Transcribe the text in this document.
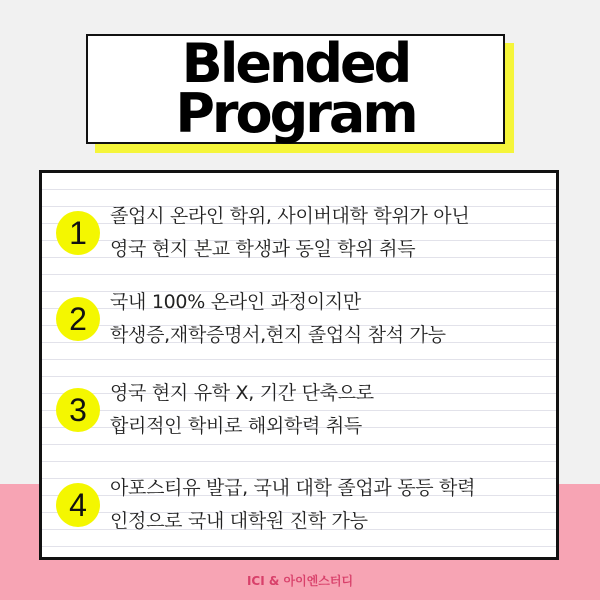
Blended
Program
1	졸업시 온라인 학위, 사이버대학 학위가 아닌
영국 현지 본교 학생과 동일 학위 취득
2	국내 100% 온라인 과정이지만
학생증,재학증명서,현지 졸업식 참석 가능
3	영국 현지 유학 X, 기간 단축으로
합리적인 학비로 해외학력 취득
4	아포스티유 발급, 국내 대학 졸업과 동등 학력
인정으로 국내 대학원 진학 가능
ICI & 아이엔스터디
